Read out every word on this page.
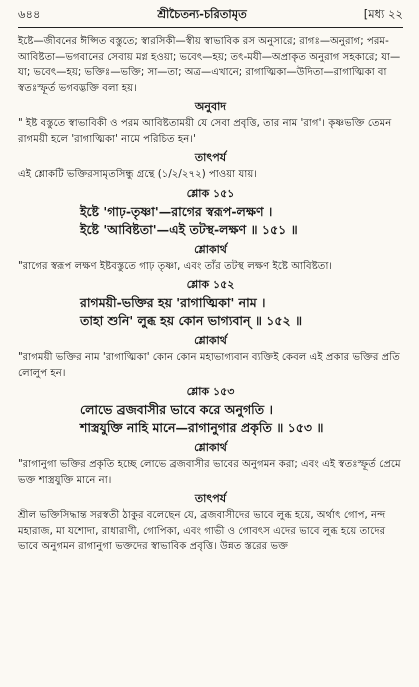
৬৪৪	শ্রীচৈতন্য-চরিতামৃত	[মধ্য ২২

ইষ্টে—জীবনের ঈপ্সিত বস্তুতে; স্বারসিকী—স্বীয় স্বাভাবিক রস অনুসারে; রাগঃ—অনুরাগ; পরম-আবিষ্টতা—ভগবানের সেবায় মগ্ন হওয়া; ভবেৎ—হয়; তৎ-মযী—অপ্রাকৃত অনুরাগ সহকারে; যা—যা; ভবেৎ—হয়; ভক্তিঃ—ভক্তি; সা—তা; অত্র—এখানে; রাগাত্মিকা—উদিতা—রাগাত্মিকা বা স্বতঃস্ফূর্ত ভগবদ্ভক্তি বলা হয়।

অনুবাদ

" ইষ্ট বস্তুতে স্বাভাবিকী ও পরম আবিষ্টতাময়ী যে সেবা প্রবৃত্তি, তার নাম 'রাগ'। কৃষ্ণভক্তি তেমন রাগময়ী হলে 'রাগাত্মিকা' নামে পরিচিত হন।'

তাৎপর্য

এই শ্লোকটি ভক্তিরসামৃতসিন্ধু গ্রন্থে (১/২/২৭২) পাওয়া যায়।

শ্লোক ১৫১
ইষ্টে 'গাঢ়-তৃষ্ণা'—রাগের স্বরূপ-লক্ষণ ।
ইষ্টে 'আবিষ্টতা'—এই তটস্থ-লক্ষণ ॥ ১৫১ ॥
শ্লোকার্থ

"রাগের স্বরূপ লক্ষণ ইষ্টবস্তুতে গাঢ় তৃষ্ণা, এবং তাঁর তটস্থ লক্ষণ ইষ্টে আবিষ্টতা।

শ্লোক ১৫২
রাগময়ী-ভক্তির হয় 'রাগাত্মিকা' নাম ।
তাহা শুনি' লুব্ধ হয় কোন ভাগ্যবান্ ॥ ১৫২ ॥
শ্লোকার্থ

"রাগময়ী ভক্তির নাম 'রাগাত্মিকা' কোন কোন মহাভাগ্যবান ব্যক্তিই কেবল এই প্রকার ভক্তির প্রতি লোলুপ হন।

শ্লোক ১৫৩
লোভে ব্রজবাসীর ভাবে করে অনুগতি ।
শাস্ত্রযুক্তি নাহি মানে—রাগানুগার প্রকৃতি ॥ ১৫৩ ॥
শ্লোকার্থ

"রাগানুগা ভক্তির প্রকৃতি হচ্ছে লোভে ব্রজবাসীর ভাবের অনুগমন করা; এবং এই স্বতঃস্ফূর্ত প্রেমে ভক্ত শাস্ত্রযুক্তি মানে না।

তাৎপর্য

শ্রীল ভক্তিসিদ্ধান্ত সরস্বতী ঠাকুর বলেছেন যে, ব্রজবাসীদের ভাবে লুব্ধ হয়ে, অর্থাৎ গোপ, নন্দ মহারাজ, মা যশোদা, রাধারাণী, গোপিকা, এবং গাভী ও গোবৎস এদের ভাবে লুব্ধ হয়ে তাদের ভাবে অনুগমন রাগানুগা ভক্তদের স্বাভাবিক প্রবৃত্তি। উন্নত স্তরের ভক্ত
